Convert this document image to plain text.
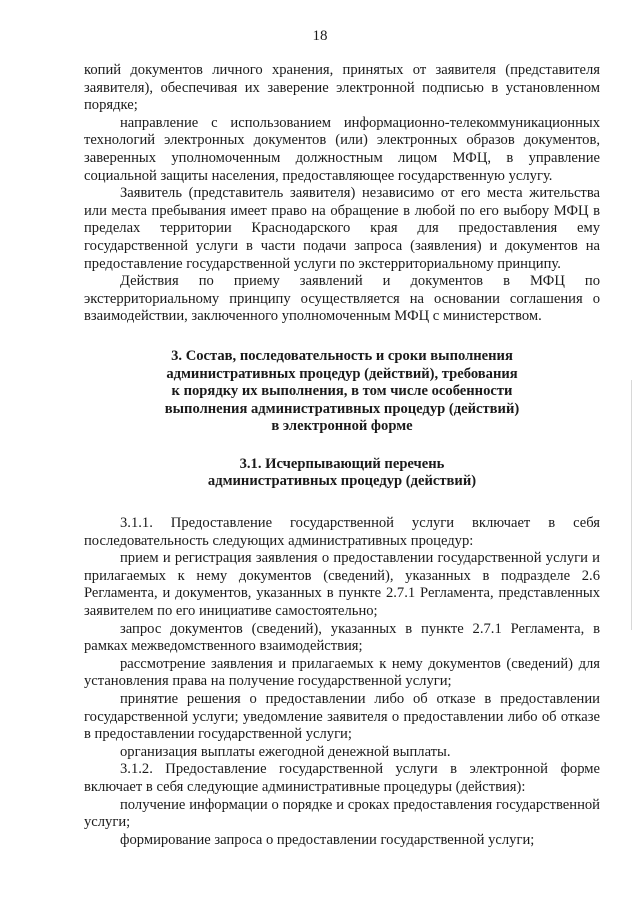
18

копий документов личного хранения, принятых от заявителя (представителя заявителя), обеспечивая их заверение электронной подписью в установленном порядке;

направление с использованием информационно-телекоммуникационных технологий электронных документов (или) электронных образов документов, заверенных уполномоченным должностным лицом МФЦ, в управление социальной защиты населения, предоставляющее государственную услугу.

Заявитель (представитель заявителя) независимо от его места жительства или места пребывания имеет право на обращение в любой по его выбору МФЦ в пределах территории Краснодарского края для предоставления ему государственной услуги в части подачи запроса (заявления) и документов на предоставление государственной услуги по экстерриториальному принципу.

Действия по приему заявлений и документов в МФЦ по экстерриториальному принципу осуществляется на основании соглашения о взаимодействии, заключенного уполномоченным МФЦ с министерством.

3. Состав, последовательность и сроки выполнения
административных процедур (действий), требования
к порядку их выполнения, в том числе особенности
выполнения административных процедур (действий)
в электронной форме
3.1. Исчерпывающий перечень
административных процедур (действий)

3.1.1. Предоставление государственной услуги включает в себя последовательность следующих административных процедур:

прием и регистрация заявления о предоставлении государственной услуги и прилагаемых к нему документов (сведений), указанных в подразделе 2.6 Регламента, и документов, указанных в пункте 2.7.1 Регламента, представленных заявителем по его инициативе самостоятельно;

запрос документов (сведений), указанных в пункте 2.7.1 Регламента, в рамках межведомственного взаимодействия;

рассмотрение заявления и прилагаемых к нему документов (сведений) для установления права на получение государственной услуги;

принятие решения о предоставлении либо об отказе в предоставлении государственной услуги; уведомление заявителя о предоставлении либо об отказе в предоставлении государственной услуги;

организация выплаты ежегодной денежной выплаты.

3.1.2. Предоставление государственной услуги в электронной форме включает в себя следующие административные процедуры (действия):

получение информации о порядке и сроках предоставления государственной услуги;

формирование запроса о предоставлении государственной услуги;
